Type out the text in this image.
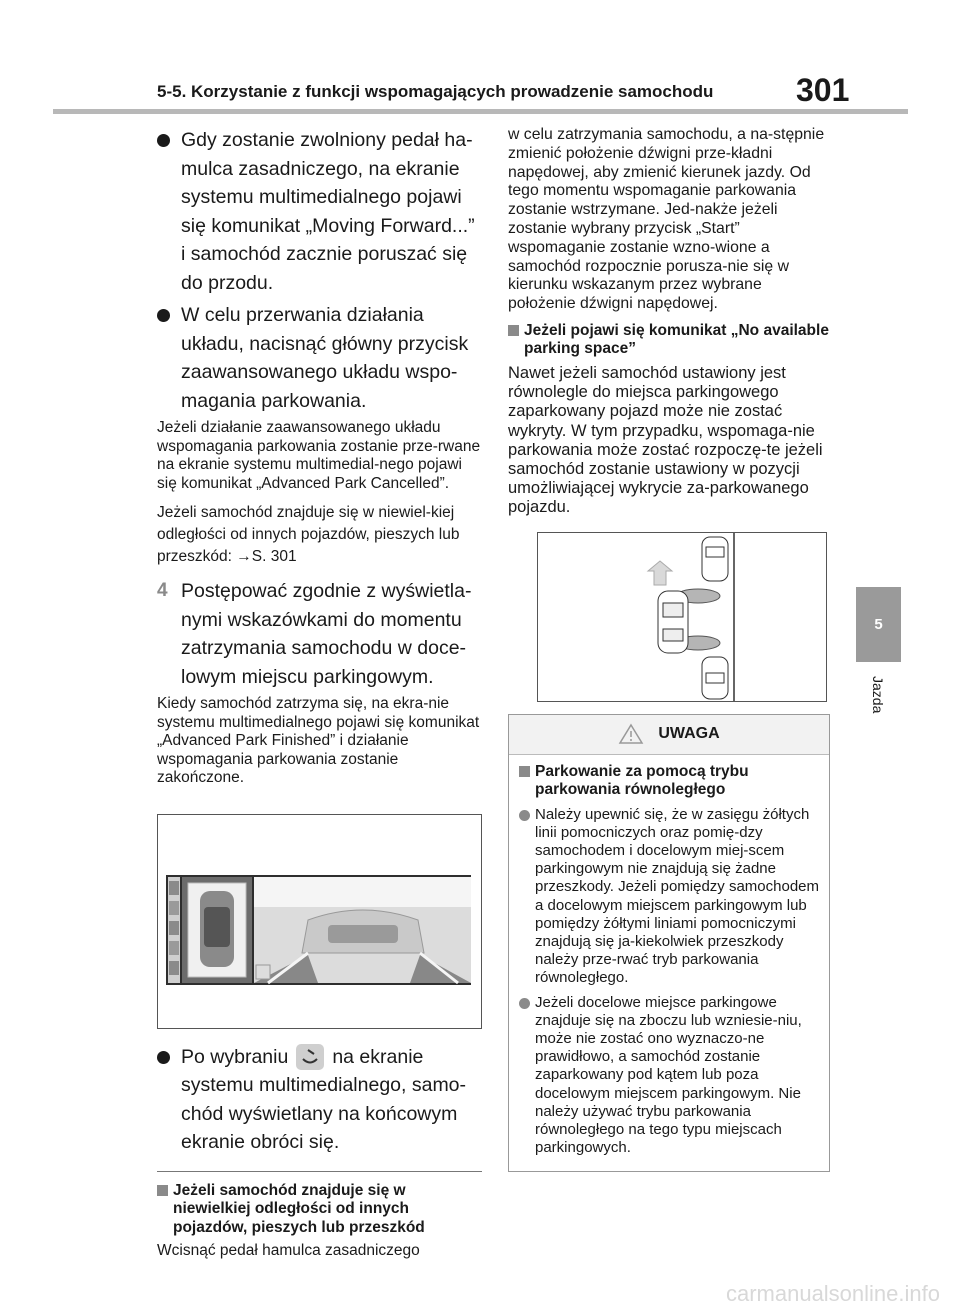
5-5. Korzystanie z funkcji wspomagających prowadzenie samochodu	301
5
Jazda
Gdy zostanie zwolniony pedał ha-mulca zasadniczego, na ekranie systemu multimedialnego pojawi się komunikat „Moving Forward...” i samochód zacznie poruszać się do przodu.
W celu przerwania działania układu, nacisnąć główny przycisk zaawansowanego układu wspo-magania parkowania.
Jeżeli działanie zaawansowanego układu wspomagania parkowania zostanie prze-rwane na ekranie systemu multimedial-nego pojawi się komunikat „Advanced Park Cancelled”.
Jeżeli samochód znajduje się w niewiel-kiej odległości od innych pojazdów, pieszych lub przeszkód: →S. 301
4 Postępować zgodnie z wyświetla-nymi wskazówkami do momentu zatrzymania samochodu w doce-lowym miejscu parkingowym.
Kiedy samochód zatrzyma się, na ekra-nie systemu multimedialnego pojawi się komunikat „Advanced Park Finished” i działanie wspomagania parkowania zostanie zakończone.
Po wybraniu na ekranie
systemu multimedialnego, samo-chód wyświetlany na końcowym ekranie obróci się.
Jeżeli samochód znajduje się w niewielkiej odległości od innych pojazdów, pieszych lub przeszkód
Wcisnąć pedał hamulca zasadniczego
w celu zatrzymania samochodu, a na-stępnie zmienić położenie dźwigni prze-kładni napędowej, aby zmienić kierunek jazdy. Od tego momentu wspomaganie parkowania zostanie wstrzymane. Jed-nakże jeżeli zostanie wybrany przycisk „Start” wspomaganie zostanie wzno-wione a samochód rozpocznie porusza-nie się w kierunku wskazanym przez wybrane położenie dźwigni napędowej.
Jeżeli pojawi się komunikat „No available parking space”
Nawet jeżeli samochód ustawiony jest równolegle do miejsca parkingowego zaparkowany pojazd może nie zostać wykryty. W tym przypadku, wspomaga-nie parkowania może zostać rozpoczę-te jeżeli samochód zostanie ustawiony w pozycji umożliwiającej wykrycie za-parkowanego pojazdu.
UWAGA
Parkowanie za pomocą trybu parkowania równoległego
Należy upewnić się, że w zasięgu żółtych linii pomocniczych oraz pomię-dzy samochodem i docelowym miej-scem parkingowym nie znajdują się żadne przeszkody. Jeżeli pomiędzy samochodem a docelowym miejscem parkingowym lub pomiędzy żółtymi liniami pomocniczymi znajdują się ja-kiekolwiek przeszkody należy prze-rwać tryb parkowania równoległego.
Jeżeli docelowe miejsce parkingowe znajduje się na zboczu lub wzniesie-niu, może nie zostać ono wyznaczo-ne prawidłowo, a samochód zostanie zaparkowany pod kątem lub poza docelowym miejscem parkingowym. Nie należy używać trybu parkowania równoległego na tego typu miejscach parkingowych.
carmanualsonline.info
